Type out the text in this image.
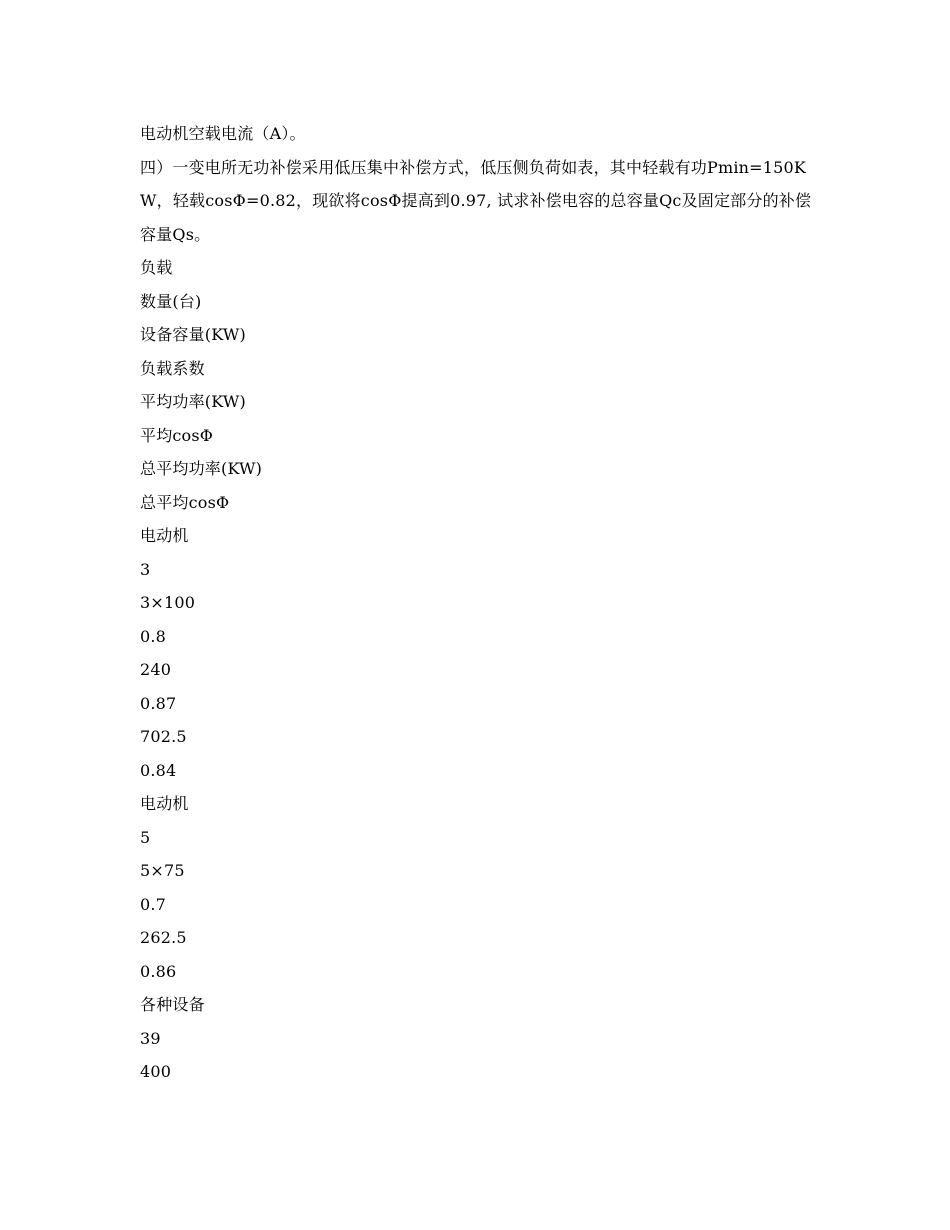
电动机空载电流（A）。
四）一变电所无功补偿采用低压集中补偿方式，低压侧负荷如表，其中轻载有功Pmin=150KW，轻载cosΦ=0.82，现欲将cosΦ提高到0.97, 试求补偿电容的总容量Qc及固定部分的补偿容量Qs。
负载
数量(台)
设备容量(KW)
负载系数
平均功率(KW)
平均cosΦ
总平均功率(KW)
总平均cosΦ
电动机
3
3×100
0.8
240
0.87
702.5
0.84
电动机
5
5×75
0.7
262.5
0.86
各种设备
39
400
